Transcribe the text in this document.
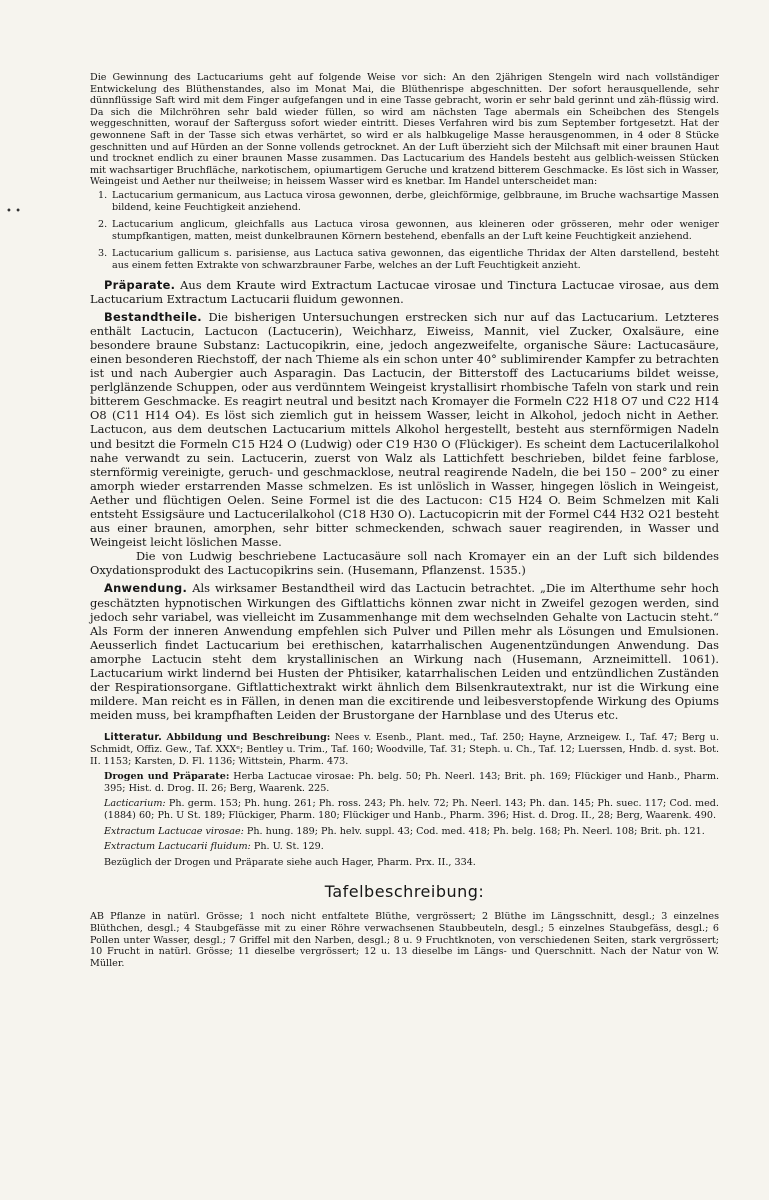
• •

Die Gewinnung des Lactucariums geht auf folgende Weise vor sich: An den 2jährigen Stengeln wird nach vollständiger Entwickelung des Blüthenstandes, also im Monat Mai, die Blüthenrispe abgeschnitten. Der sofort herausquellende, sehr dünnflüssige Saft wird mit dem Finger aufgefangen und in eine Tasse gebracht, worin er sehr bald gerinnt und zäh-flüssig wird. Da sich die Milchröhren sehr bald wieder füllen, so wird am nächsten Tage abermals ein Scheibchen des Stengels weggeschnitten, worauf der Safterguss sofort wieder eintritt. Dieses Verfahren wird bis zum September fortgesetzt. Hat der gewonnene Saft in der Tasse sich etwas verhärtet, so wird er als halbkugelige Masse herausgenommen, in 4 oder 8 Stücke geschnitten und auf Hürden an der Sonne vollends getrocknet. An der Luft überzieht sich der Milchsaft mit einer braunen Haut und trocknet endlich zu einer braunen Masse zusammen. Das Lactucarium des Handels besteht aus gelblich-weissen Stücken mit wachsartiger Bruchfläche, narkotischem, opiumartigem Geruche und kratzend bitterem Geschmacke. Es löst sich in Wasser, Weingeist und Aether nur theilweise; in heissem Wasser wird es knetbar. Im Handel unterscheidet man:

1. Lactucarium germanicum, aus Lactuca virosa gewonnen, derbe, gleichförmige, gelbbraune, im Bruche wachsartige Massen bildend, keine Feuchtigkeit anziehend.
2. Lactucarium anglicum, gleichfalls aus Lactuca virosa gewonnen, aus kleineren oder grösseren, mehr oder weniger stumpfkantigen, matten, meist dunkelbraunen Körnern bestehend, ebenfalls an der Luft keine Feuchtigkeit anziehend.
3. Lactucarium gallicum s. parisiense, aus Lactuca sativa gewonnen, das eigentliche Thridax der Alten darstellend, besteht aus einem fetten Extrakte von schwarzbrauner Farbe, welches an der Luft Feuchtigkeit anzieht.

Präparate. Aus dem Kraute wird Extractum Lactucae virosae und Tinctura Lactucae virosae, aus dem Lactucarium Extractum Lactucarii fluidum gewonnen.

Bestandtheile. Die bisherigen Untersuchungen erstrecken sich nur auf das Lactucarium. Letzteres enthält Lactucin, Lactucon (Lactucerin), Weichharz, Eiweiss, Mannit, viel Zucker, Oxalsäure, eine besondere braune Substanz: Lactucopikrin, eine, jedoch angezweifelte, organische Säure: Lactucasäure, einen besonderen Riechstoff, der nach Thieme als ein schon unter 40° sublimirender Kampfer zu betrachten ist und nach Aubergier auch Asparagin. Das Lactucin, der Bitterstoff des Lactucariums bildet weisse, perlglänzende Schuppen, oder aus verdünntem Weingeist krystallisirt rhombische Tafeln von stark und rein bitterem Geschmacke. Es reagirt neutral und besitzt nach Kromayer die Formeln C22 H18 O7 und C22 H14 O8 (C11 H14 O4). Es löst sich ziemlich gut in heissem Wasser, leicht in Alkohol, jedoch nicht in Aether. Lactucon, aus dem deutschen Lactucarium mittels Alkohol hergestellt, besteht aus sternförmigen Nadeln und besitzt die Formeln C15 H24 O (Ludwig) oder C19 H30 O (Flückiger). Es scheint dem Lactucerilalkohol nahe verwandt zu sein. Lactucerin, zuerst von Walz als Lattichfett beschrieben, bildet feine farblose, sternförmig vereinigte, geruch- und geschmacklose, neutral reagirende Nadeln, die bei 150 – 200° zu einer amorph wieder erstarrenden Masse schmelzen. Es ist unlöslich in Wasser, hingegen löslich in Weingeist, Aether und flüchtigen Oelen. Seine Formel ist die des Lactucon: C15 H24 O. Beim Schmelzen mit Kali entsteht Essigsäure und Lactucerilalkohol (C18 H30 O). Lactucopicrin mit der Formel C44 H32 O21 besteht aus einer braunen, amorphen, sehr bitter schmeckenden, schwach sauer reagirenden, in Wasser und Weingeist leicht löslichen Masse.

Die von Ludwig beschriebene Lactucasäure soll nach Kromayer ein an der Luft sich bildendes Oxydationsprodukt des Lactucopikrins sein. (Husemann, Pflanzenst. 1535.)

Anwendung. Als wirksamer Bestandtheil wird das Lactucin betrachtet. „Die im Alterthume sehr hoch geschätzten hypnotischen Wirkungen des Giftlattichs können zwar nicht in Zweifel gezogen werden, sind jedoch sehr variabel, was vielleicht im Zusammenhange mit dem wechselnden Gehalte von Lactucin steht.“ Als Form der inneren Anwendung empfehlen sich Pulver und Pillen mehr als Lösungen und Emulsionen. Aeusserlich findet Lactucarium bei erethischen, katarrhalischen Augenentzündungen Anwendung. Das amorphe Lactucin steht dem krystallinischen an Wirkung nach (Husemann, Arzneimittell. 1061). Lactucarium wirkt lindernd bei Husten der Phtisiker, katarrhalischen Leiden und entzündlichen Zuständen der Respirationsorgane. Giftlattichextrakt wirkt ähnlich dem Bilsenkrautextrakt, nur ist die Wirkung eine mildere. Man reicht es in Fällen, in denen man die excitirende und leibesverstopfende Wirkung des Opiums meiden muss, bei krampfhaften Leiden der Brustorgane der Harnblase und des Uterus etc.

Litteratur. Abbildung und Beschreibung: Nees v. Esenb., Plant. med., Taf. 250; Hayne, Arzneigew. I., Taf. 47; Berg u. Schmidt, Offiz. Gew., Taf. XXXᵉ; Bentley u. Trim., Taf. 160; Woodville, Taf. 31; Steph. u. Ch., Taf. 12; Luerssen, Hndb. d. syst. Bot. II. 1153; Karsten, D. Fl. 1136; Wittstein, Pharm. 473.

Drogen und Präparate: Herba Lactucae virosae: Ph. belg. 50; Ph. Neerl. 143; Brit. ph. 169; Flückiger und Hanb., Pharm. 395; Hist. d. Drog. II. 26; Berg, Waarenk. 225.

Lacticarium: Ph. germ. 153; Ph. hung. 261; Ph. ross. 243; Ph. helv. 72; Ph. Neerl. 143; Ph. dan. 145; Ph. suec. 117; Cod. med. (1884) 60; Ph. U St. 189; Flückiger, Pharm. 180; Flückiger und Hanb., Pharm. 396; Hist. d. Drog. II., 28; Berg, Waarenk. 490.

Extractum Lactucae virosae: Ph. hung. 189; Ph. helv. suppl. 43; Cod. med. 418; Ph. belg. 168; Ph. Neerl. 108; Brit. ph. 121.

Extractum Lactucarii fluidum: Ph. U. St. 129.

Bezüglich der Drogen und Präparate siehe auch Hager, Pharm. Prx. II., 334.

Tafelbeschreibung:

AB Pflanze in natürl. Grösse; 1 noch nicht entfaltete Blüthe, vergrössert; 2 Blüthe im Längsschnitt, desgl.; 3 einzelnes Blüthchen, desgl.; 4 Staubgefässe mit zu einer Röhre verwachsenen Staubbeuteln, desgl.; 5 einzelnes Staubgefäss, desgl.; 6 Pollen unter Wasser, desgl.; 7 Griffel mit den Narben, desgl.; 8 u. 9 Fruchtknoten, von verschiedenen Seiten, stark vergrössert; 10 Frucht in natürl. Grösse; 11 dieselbe vergrössert; 12 u. 13 dieselbe im Längs- und Querschnitt. Nach der Natur von W. Müller.
